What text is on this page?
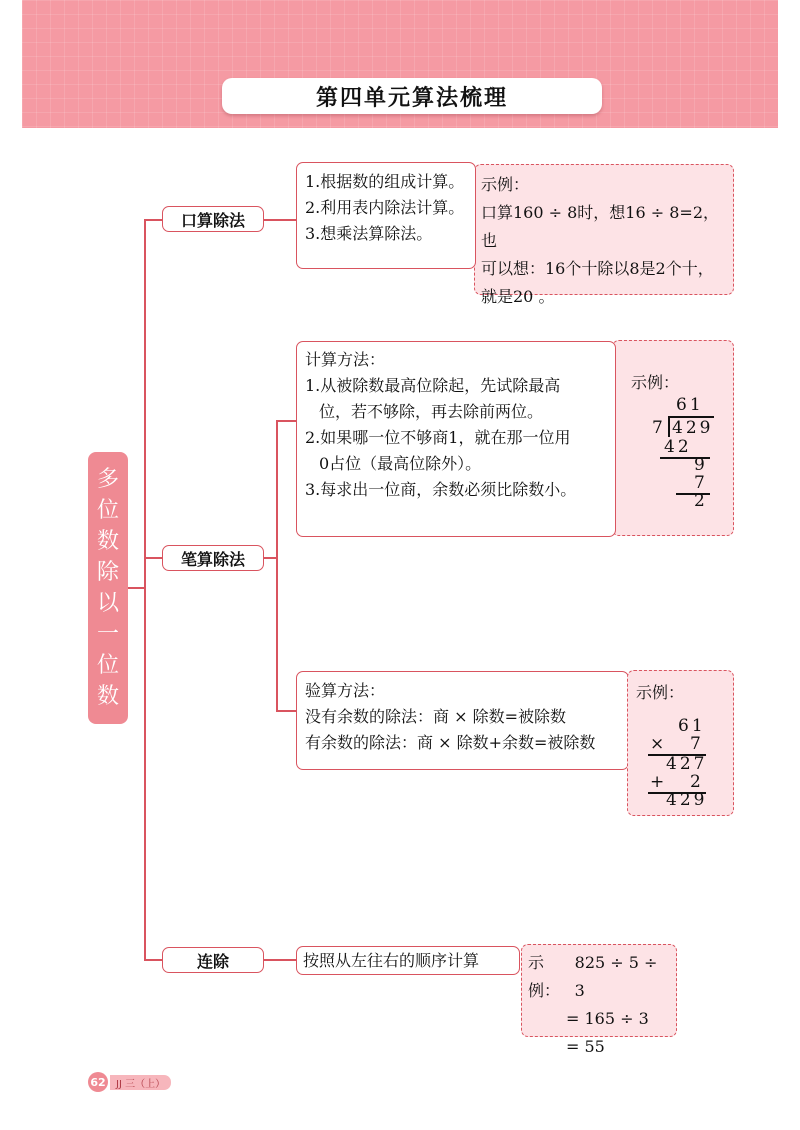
第四单元算法梳理
多
位
数
除
以
一
位
数
口算除法
笔算除法
连除
示例：
口算160 ÷ 8时，想16 ÷ 8=2，也
可以想：16个十除以8是2个十，
就是20 。
1.根据数的组成计算。
2.利用表内除法计算。
3.想乘法算除法。
示例：
61
7 429
42
9
7
2
计算方法：
1.从被除数最高位除起，先试除最高
位，若不够除，再去除前两位。
2.如果哪一位不够商1，就在那一位用
0占位（最高位除外）。
3.每求出一位商，余数必须比除数小。
验算方法：
没有余数的除法：商 × 除数=被除数
有余数的除法：商 × 除数+余数=被除数
示例：
61
× 7
427
+ 2
429
按照从左往右的顺序计算	示例：
825 ÷ 5 ÷ 3
= 165 ÷ 3
= 55
62	JJ 三（上）
